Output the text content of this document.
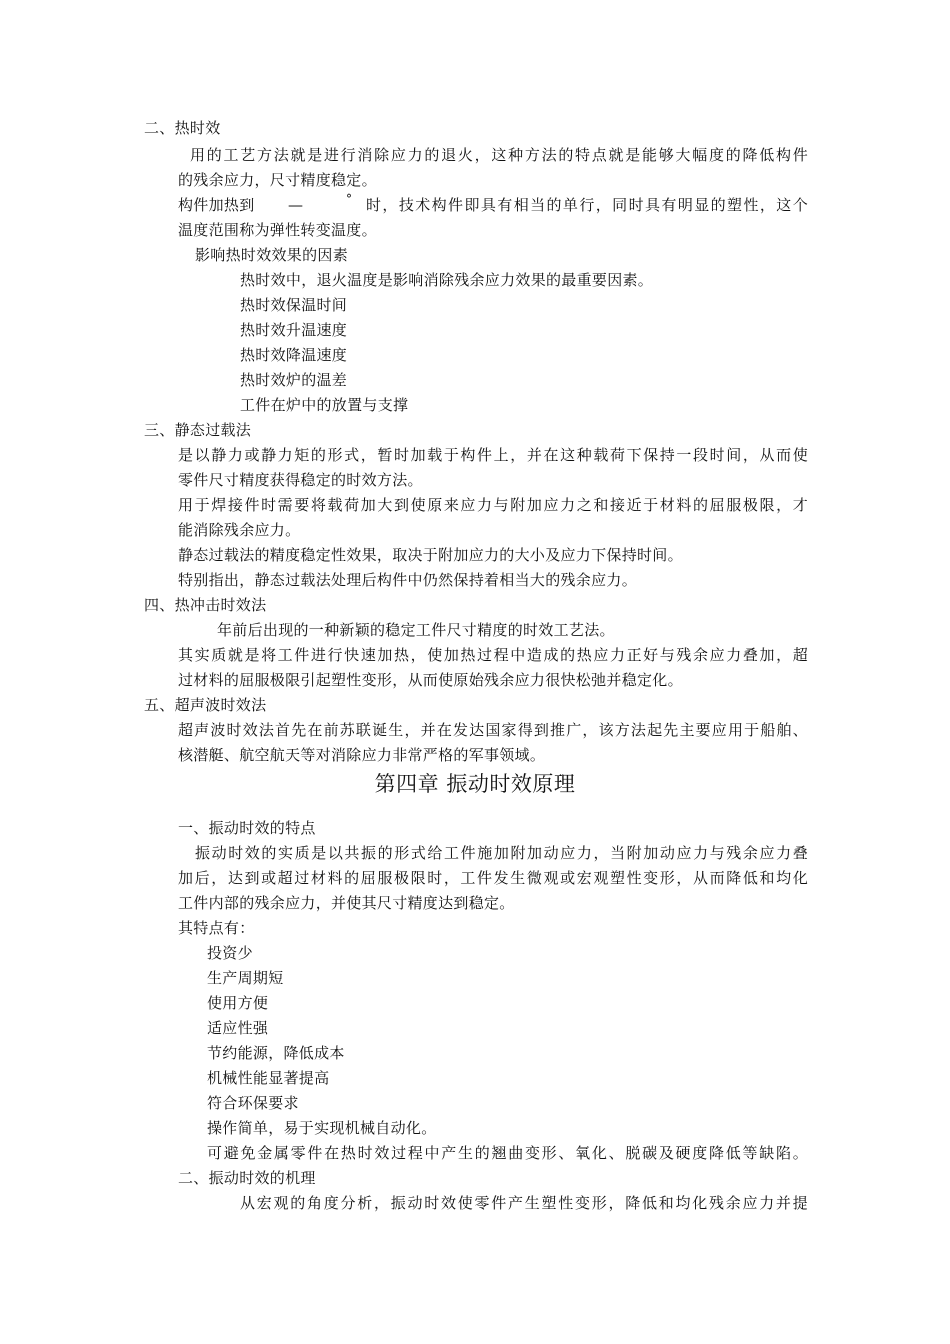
二、热时效
用的工艺方法就是进行消除应力的退火，这种方法的特点就是能够大幅度的降低构件
的残余应力，尺寸精度稳定。
构件加热到 —	° 时，技术构件即具有相当的单行，同时具有明显的塑性，这个
温度范围称为弹性转变温度。
影响热时效效果的因素
热时效中，退火温度是影响消除残余应力效果的最重要因素。
热时效保温时间
热时效升温速度
热时效降温速度
热时效炉的温差
工件在炉中的放置与支撑
三、静态过载法
是以静力或静力矩的形式，暂时加载于构件上，并在这种载荷下保持一段时间，从而使
零件尺寸精度获得稳定的时效方法。
用于焊接件时需要将载荷加大到使原来应力与附加应力之和接近于材料的屈服极限，才
能消除残余应力。
静态过载法的精度稳定性效果，取决于附加应力的大小及应力下保持时间。
特别指出，静态过载法处理后构件中仍然保持着相当大的残余应力。
四、热冲击时效法
年前后出现的一种新颖的稳定工件尺寸精度的时效工艺法。
其实质就是将工件进行快速加热，使加热过程中造成的热应力正好与残余应力叠加，超
过材料的屈服极限引起塑性变形，从而使原始残余应力很快松弛并稳定化。
五、超声波时效法
超声波时效法首先在前苏联诞生，并在发达国家得到推广，该方法起先主要应用于船舶、
核潜艇、航空航天等对消除应力非常严格的军事领域。
第四章 振动时效原理
一、振动时效的特点
振动时效的实质是以共振的形式给工件施加附加动应力，当附加动应力与残余应力叠
加后，达到或超过材料的屈服极限时，工件发生微观或宏观塑性变形，从而降低和均化
工件内部的残余应力，并使其尺寸精度达到稳定。
其特点有：
投资少
生产周期短
使用方便
适应性强
节约能源，降低成本
机械性能显著提高
符合环保要求
操作简单，易于实现机械自动化。
可避免金属零件在热时效过程中产生的翘曲变形、氧化、脱碳及硬度降低等缺陷。
二、振动时效的机理
从宏观的角度分析，振动时效使零件产生塑性变形，降低和均化残余应力并提
